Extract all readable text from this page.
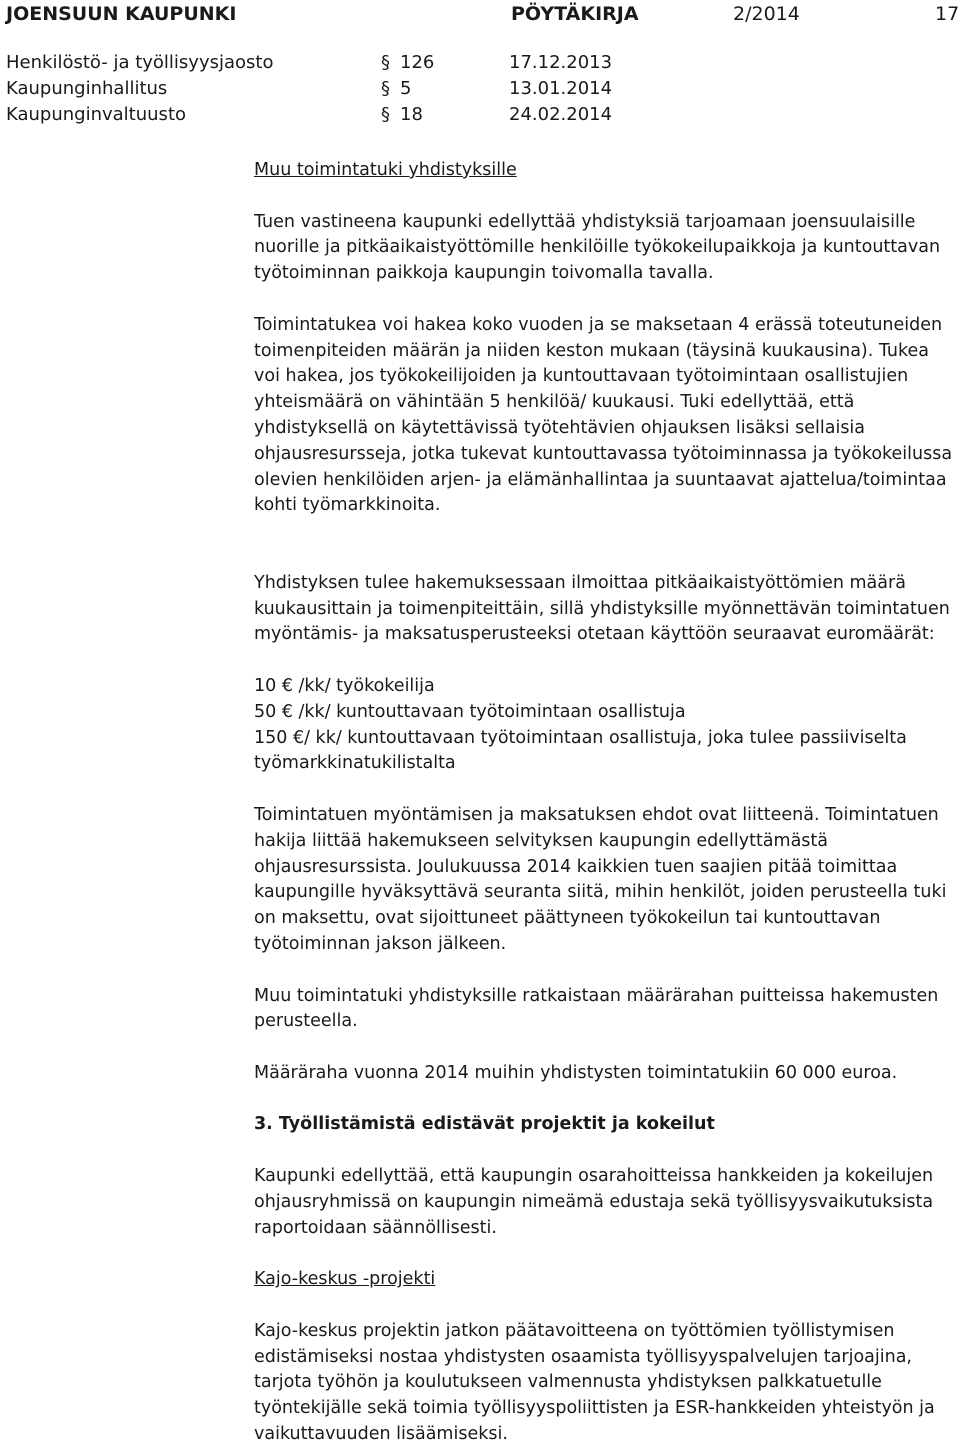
JOENSUUN KAUPUNKI	PÖYTÄKIRJA	2/2014	17
Henkilöstö- ja työllisyysjaosto	§ 126	17.12.2013
Kaupunginhallitus	§ 5	13.01.2014
Kaupunginvaltuusto	§ 18	24.02.2014

Muu toimintatuki yhdistyksille

Tuen vastineena kaupunki edellyttää yhdistyksiä tarjoamaan joensuulaisille nuorille ja pitkäaikaistyöttömille henkilöille työkokeilupaikkoja ja kuntouttavan työtoiminnan paikkoja kaupungin toivomalla tavalla.

Toimintatukea voi hakea koko vuoden ja se maksetaan 4 erässä toteutuneiden toimenpiteiden määrän ja niiden keston mukaan (täysinä kuukausina). Tukea voi hakea, jos työkokeilijoiden ja kuntouttavaan työtoimintaan osallistujien yhteismäärä on vähintään 5 henkilöä/ kuukausi. Tuki edellyttää, että yhdistyksellä on käytettävissä työtehtävien ohjauksen lisäksi sellaisia ohjausresursseja, jotka tukevat kuntouttavassa työtoiminnassa ja työkokeilussa olevien henkilöiden arjen- ja elämänhallintaa ja suuntaavat ajattelua/toimintaa kohti työmarkkinoita.

Yhdistyksen tulee hakemuksessaan ilmoittaa pitkäaikaistyöttömien määrä kuukausittain ja toimenpiteittäin, sillä yhdistyksille myönnettävän toimintatuen myöntämis- ja maksatusperusteeksi otetaan käyttöön seuraavat euromäärät:

10 € /kk/ työkokeilija

50 € /kk/ kuntouttavaan työtoimintaan osallistuja

150 €/ kk/ kuntouttavaan työtoimintaan osallistuja, joka tulee passiiviselta työmarkkinatukilistalta

Toimintatuen myöntämisen ja maksatuksen ehdot ovat liitteenä. Toimintatuen hakija liittää hakemukseen selvityksen kaupungin edellyttämästä ohjausresurssista. Joulukuussa 2014 kaikkien tuen saajien pitää toimittaa kaupungille hyväksyttävä seuranta siitä, mihin henkilöt, joiden perusteella tuki on maksettu, ovat sijoittuneet päättyneen työkokeilun tai kuntouttavan työtoiminnan jakson jälkeen.

Muu toimintatuki yhdistyksille ratkaistaan määrärahan puitteissa hakemusten perusteella.

Määräraha vuonna 2014 muihin yhdistysten toimintatukiin 60 000 euroa.

3. Työllistämistä edistävät projektit ja kokeilut

Kaupunki edellyttää, että kaupungin osarahoitteissa hankkeiden ja kokeilujen ohjausryhmissä on kaupungin nimeämä edustaja sekä työllisyysvaikutuksista raportoidaan säännöllisesti.

Kajo-keskus -projekti

Kajo-keskus projektin jatkon päätavoitteena on työttömien työllistymisen edistämiseksi nostaa yhdistysten osaamista työllisyyspalvelujen tarjoajina, tarjota työhön ja koulutukseen valmennusta yhdistyksen palkkatuetulle työntekijälle sekä toimia työllisyyspoliittisten ja ESR-hankkeiden yhteistyön ja vaikuttavuuden lisäämiseksi.
